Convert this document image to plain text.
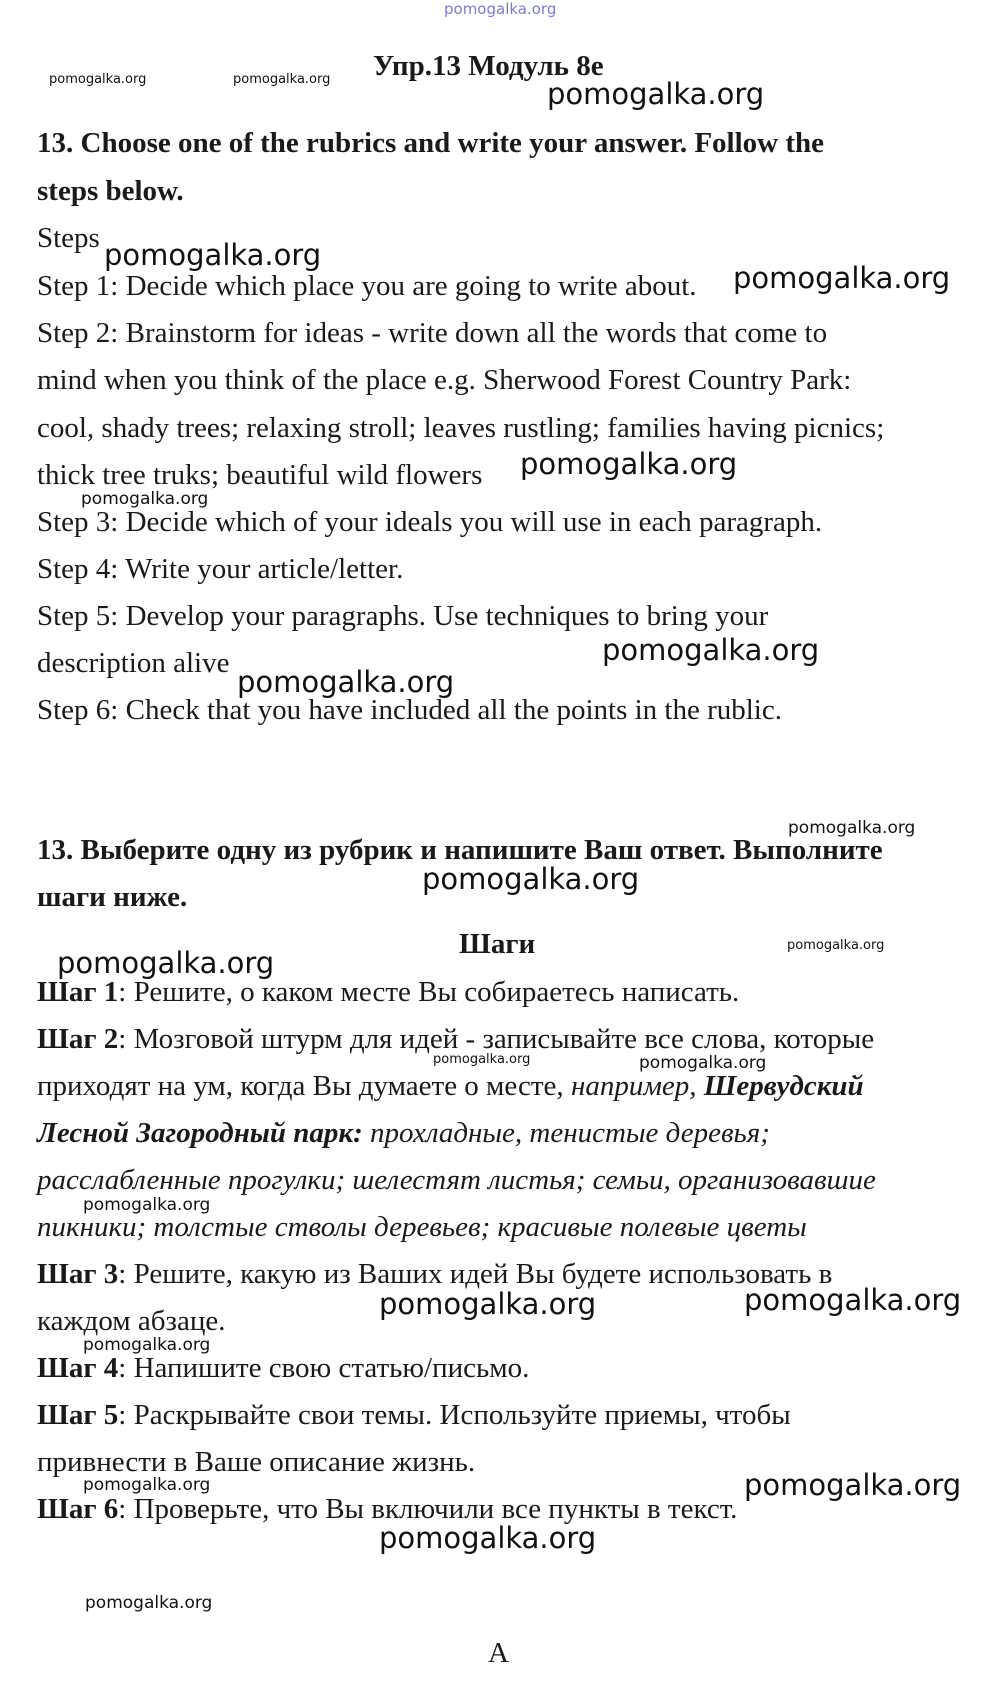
pomogalka.org
pomogalka.org	pomogalka.org Упр.13 Модуль 8е
pomogalka.org
13. Choose one of the rubrics and write your answer. Follow the
steps below.
Steps pomogalka.org
Step 1: Decide which place you are going to write about. pomogalka.org
Step 2: Brainstorm for ideas - write down all the words that come to
mind when you think of the place e.g. Sherwood Forest Country Park:
cool, shady trees; relaxing stroll; leaves rustling; families having picnics;
thick tree truks; beautiful wild flowers pomogalka.org
pomogalka.org
Step 3: Decide which of your ideals you will use in each paragraph.
Step 4: Write your article/letter.
Step 5: Develop your paragraphs. Use techniques to bring your
description alive	pomogalka.org
pomogalka.org
Step 6: Check that you have included all the points in the rublic.
pomogalka.org
13. Выберите одну из рубрик и напишите Ваш ответ. Выполните
pomogalka.org
шаги ниже.
Шаги	pomogalka.org
pomogalka.org
Шаг 1: Решите, о каком месте Вы собираетесь написать.
Шаг 2: Мозговой штурм для идей - записывайте все слова, которые
pomogalka.org	pomogalka.org
приходят на ум, когда Вы думаете о месте, например, Шервудский
Лесной Загородный парк: прохладные, тенистые деревья;
расслабленные прогулки; шелестят листья; семьи, организовавшие
pomogalka.org
пикники; толстые стволы деревьев; красивые полевые цветы
Шаг 3: Решите, какую из Ваших идей Вы будете использовать в
pomogalka.org
pomogalka.org
каждом абзаце.
pomogalka.org
Шаг 4: Напишите свою статью/письмо.
Шаг 5: Раскрывайте свои темы. Используйте приемы, чтобы
привнести в Ваше описание жизнь.
pomogalka.org	pomogalka.org
Шаг 6: Проверьте, что Вы включили все пункты в текст.
pomogalka.org
pomogalka.org
A
